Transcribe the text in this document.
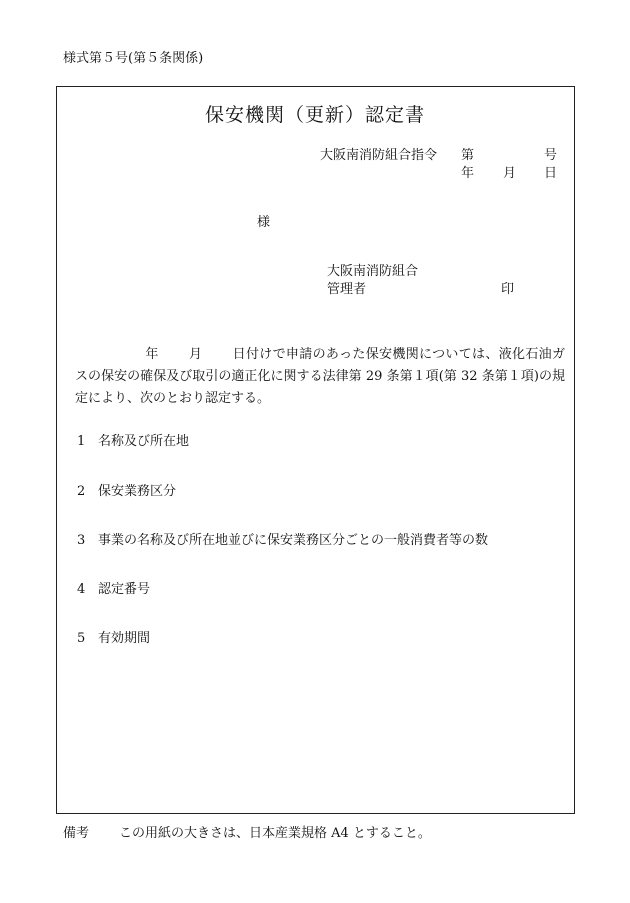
様式第５号(第５条関係)
保安機関（更新）認定書
大阪南消防組合指令 第	号
年 月 日
様
大阪南消防組合
管理者	印
年 月 日付けで申請のあった保安機関については、液化石油ガスの保安の確保及び取引の適正化に関する法律第 29 条第１項(第 32 条第１項)の規定により、次のとおり認定する。
1 名称及び所在地
2 保安業務区分
3 事業の名称及び所在地並びに保安業務区分ごとの一般消費者等の数
4 認定番号
5 有効期間
備考 この用紙の大きさは、日本産業規格 A4 とすること。
